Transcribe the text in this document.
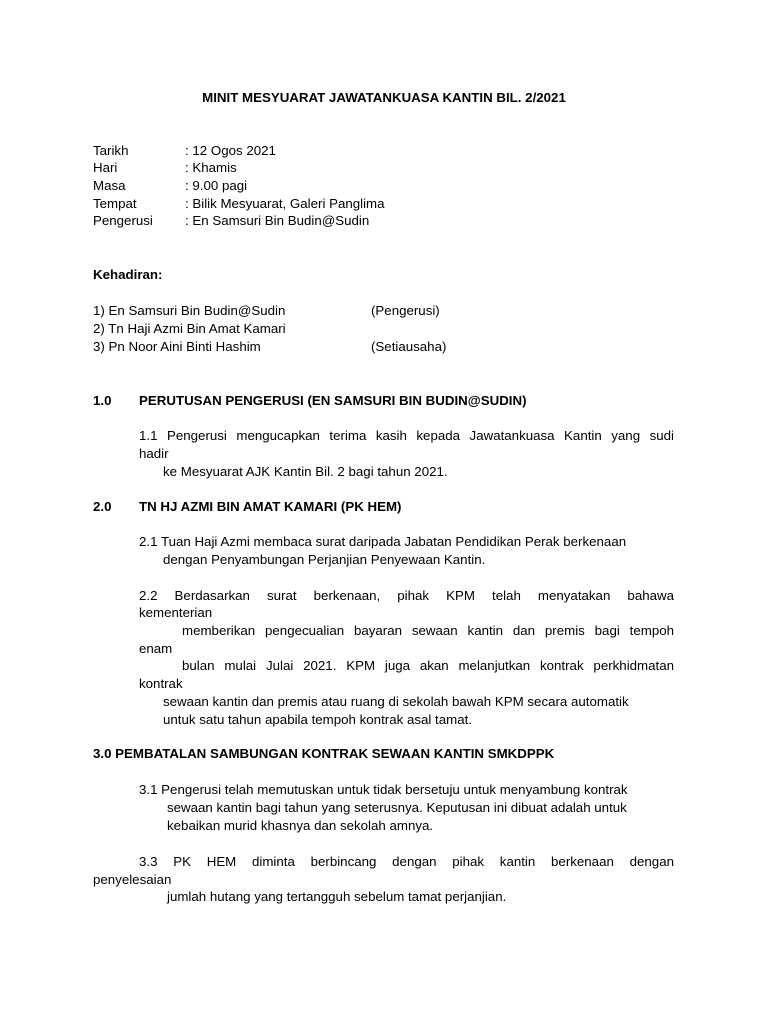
MINIT MESYUARAT JAWATANKUASA KANTIN BIL. 2/2021
Tarikh	: 12 Ogos 2021
Hari	: Khamis
Masa	: 9.00 pagi
Tempat	: Bilik Mesyuarat, Galeri Panglima
Pengerusi : En Samsuri Bin Budin@Sudin
Kehadiran:
1) En Samsuri Bin Budin@Sudin	(Pengerusi)
2) Tn Haji Azmi Bin Amat Kamari
3) Pn Noor Aini Binti Hashim	(Setiausaha)
1.0 PERUTUSAN PENGERUSI (EN SAMSURI BIN BUDIN@SUDIN)
1.1 Pengerusi mengucapkan terima kasih kepada Jawatankuasa Kantin yang sudi
hadir
ke Mesyuarat AJK Kantin Bil. 2 bagi tahun 2021.
2.0 TN HJ AZMI BIN AMAT KAMARI (PK HEM)
2.1 Tuan Haji Azmi membaca surat daripada Jabatan Pendidikan Perak berkenaan
dengan Penyambungan Perjanjian Penyewaan Kantin.
2.2 Berdasarkan surat berkenaan, pihak KPM telah menyatakan bahawa
kementerian
memberikan pengecualian bayaran sewaan kantin dan premis bagi tempoh
enam
bulan mulai Julai 2021. KPM juga akan melanjutkan kontrak perkhidmatan
kontrak
sewaan kantin dan premis atau ruang di sekolah bawah KPM secara automatik
untuk satu tahun apabila tempoh kontrak asal tamat.
3.0 PEMBATALAN SAMBUNGAN KONTRAK SEWAAN KANTIN SMKDPPK
3.1 Pengerusi telah memutuskan untuk tidak bersetuju untuk menyambung kontrak
sewaan kantin bagi tahun yang seterusnya. Keputusan ini dibuat adalah untuk
kebaikan murid khasnya dan sekolah amnya.
3.3 PK HEM diminta berbincang dengan pihak kantin berkenaan dengan
penyelesaian
jumlah hutang yang tertangguh sebelum tamat perjanjian.
